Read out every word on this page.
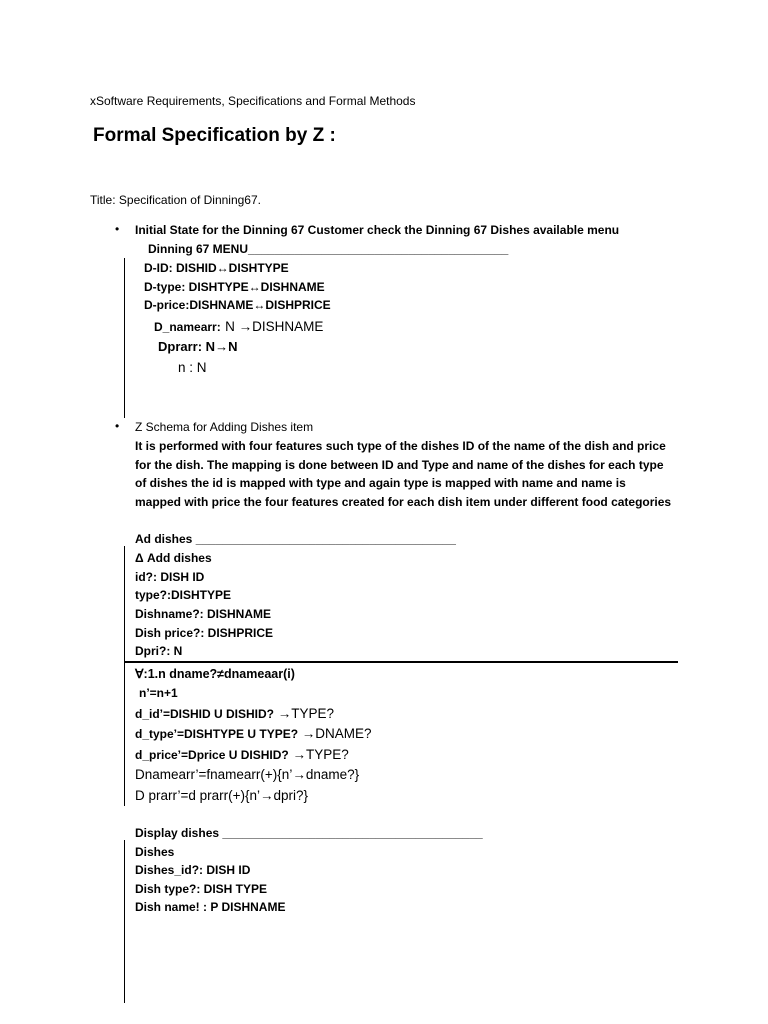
xSoftware Requirements, Specifications and Formal Methods
Formal Specification by Z :
Title: Specification of Dinning67.
• Initial State for the Dinning 67 Customer check the Dinning 67 Dishes available menu
Dinning 67 MENU_______________________________________
D-ID: DISHID↔DISHTYPE
D-type: DISHTYPE↔DISHNAME
D-price:DISHNAME↔DISHPRICE
D_namearr: N →DISHNAME
Dprarr: N→N
n : N
• Z Schema for Adding Dishes item
It is performed with four features such type of the dishes ID of the name of the dish and price for the dish. The mapping is done between ID and Type and name of the dishes for each type of dishes the id is mapped with type and again type is mapped with name and name is mapped with price the four features created for each dish item under different food categories
Ad dishes _______________________________________
Δ Add dishes
id?: DISH ID
type?:DISHTYPE
Dishname?: DISHNAME
Dish price?: DISHPRICE
Dpri?: N
∀:1.n dname?≠dnameaar(i)
n’=n+1
d_id’=DISHID U DISHID? →TYPE?
d_type’=DISHTYPE U TYPE? →DNAME?
d_price’=Dprice U DISHID? →TYPE?
Dnamearr’=fnamearr(+){n’→dname?}
D prarr’=d prarr(+){n’→dpri?}
Display dishes _______________________________________
Dishes
Dishes_id?: DISH ID
Dish type?: DISH TYPE
Dish name! : P DISHNAME
